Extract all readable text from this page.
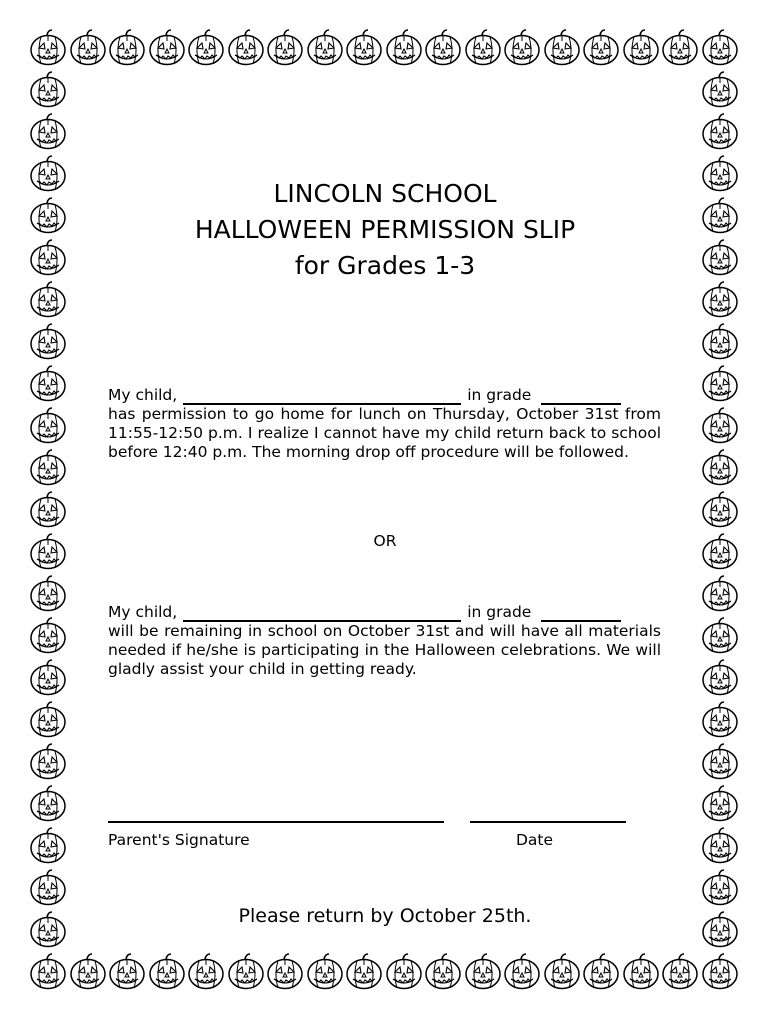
LINCOLN SCHOOL
HALLOWEEN PERMISSION SLIP
for Grades 1-3
My child,	in grade

has permission to go home for lunch on Thursday, October 31st from 11:55-12:50 p.m. I realize I cannot have my child return back to school before 12:40 p.m. The morning drop off procedure will be followed.

OR
My child,	in grade

will be remaining in school on October 31st and will have all materials needed if he/she is participating in the Halloween celebrations. We will gladly assist your child in getting ready.

Parent's Signature	Date
Please return by October 25th.
